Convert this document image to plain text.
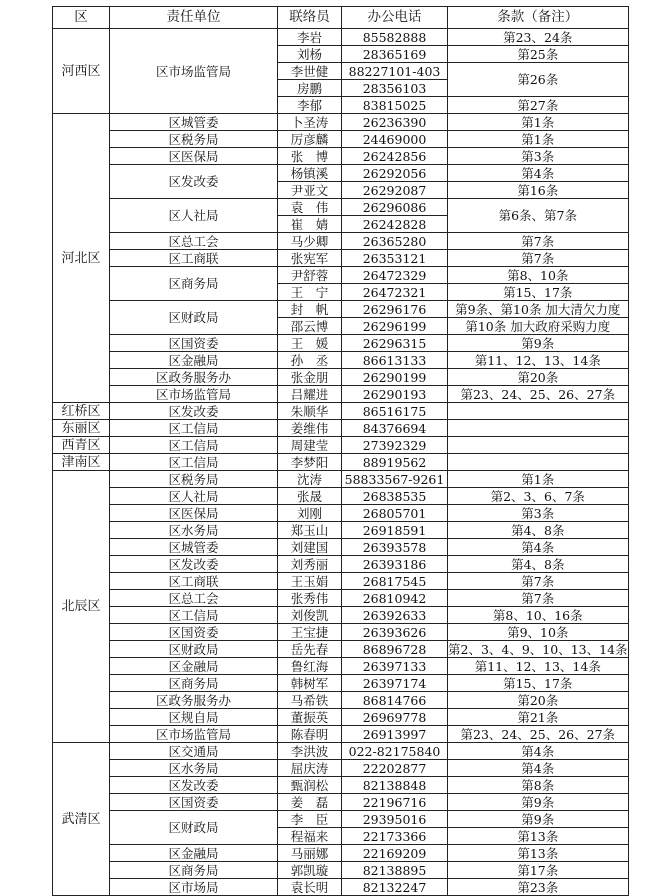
区	责任单位	联络员	办公电话	条款（备注）
河西区	区市场监管局	李岩	85582888	第23、24条
		刘杨	28365169	第25条
		李世健	88227101-403	第26条
		房鹏	28356103	
		李郁	83815025	第27条
河北区	区城管委	卜圣涛	26236390	第1条
	区税务局	厉彦麟	24469000	第1条
	区医保局	张　博	26242856	第3条
	区发改委	杨镇溪	26292056	第4条
		尹亚文	26292087	第16条
	区人社局	袁　伟	26296086	第6条、第7条
		崔　婧	26242828	
	区总工会	马少卿	26365280	第7条
	区工商联	张宪军	26353121	第7条
	区商务局	尹舒蓉	26472329	第8、10条
		王　宁	26472321	第15、17条
	区财政局	封　帆	26296176	第9条、第10条 加大清欠力度
		邵云博	26296199	第10条 加大政府采购力度
	区国资委	王　媛	26296315	第9条
	区金融局	孙　丞	86613133	第11、12、13、14条
	区政务服务办	张金朋	26290199	第20条
	区市场监管局	吕耀进	26290193	第23、24、25、26、27条
红桥区	区发改委	朱顺华	86516175	
东丽区	区工信局	姜维伟	84376694	
西青区	区工信局	周建莹	27392329	
津南区	区工信局	李梦阳	88919562	
北辰区	区税务局	沈涛	58833567-9261	第1条
	区人社局	张晟	26838535	第2、3、6、7条
	区医保局	刘刚	26805701	第3条
	区水务局	郑玉山	26918591	第4、8条
	区城管委	刘建国	26393578	第4条
	区发改委	刘秀丽	26393186	第4、8条
	区工商联	王玉娟	26817545	第7条
	区总工会	张秀伟	26810942	第7条
	区工信局	刘俊凯	26392633	第8、10、16条
	区国资委	王宝捷	26393626	第9、10条
	区财政局	岳先春	86896728	第2、3、4、9、10、13、14条
	区金融局	鲁红海	26397133	第11、12、13、14条
	区商务局	韩树军	26397174	第15、17条
	区政务服务办	马希铁	86814766	第20条
	区规自局	董振英	26969778	第21条
	区市场监管局	陈春明	26913997	第23、24、25、26、27条
武清区	区交通局	李洪波	022-82175840	第4条
	区水务局	屈庆涛	22202877	第4条
	区发改委	甄润松	82138848	第8条
	区国资委	姜　磊	22196716	第9条
	区财政局	李　臣	29395016	第9条
		程福来	22173366	第13条
	区金融局	马丽娜	22169209	第13条
	区商务局	郭凯璇	82138895	第17条
	区市场局	袁长明	82132247	第23条
